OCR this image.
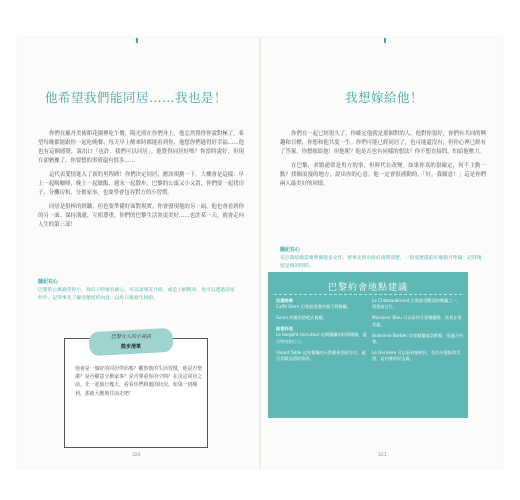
他希望我們能同居……我也是！

你們在羅丹美術館花園裡吃午餐，陽光照在你們身上，他怎然覺得你說對極了，希望每晚都能跟你一起吃晚餐、每天早上醒來時都能看到你，他想你們過得好幸福……他也有這個感覺，說出口「也許，我們可以同居」。他覺得同居好嗎？你當時說好，但現在卻猶豫了。你要想的事情還有很多……

這代表愛情進入了新的里程碑！你們決定同居，應該規劃一下。大概會是這樣：早上一起喝咖啡，晚上一起做飯，週末一起散步。巴黎的公寓又小又貴，你們要一起找房子、分攤房租、分擔家事，也要學會包容對方的小習慣。

同居是很棒的經驗，但也要準備好面對現實。你會發現他的另一面，他也會看到你的另一面。保持溝通、互相尊重，你們的巴黎生活會更美好……也許某一天，就會走向人生的第三部！

隨記在心
巴黎的公寓通常很小，找房子時要有耐心。可以請朋友介紹，或是上網搜尋，也可以透過房屋仲介。記得事先了解清楚租約內容，以免日後發生糾紛。
巴黎女人的小祕訣
散步清單
他會是一個好的同居伴侶嗎？觀察他的生活習慣，他是否整潔？是否願意分擔家事？是否尊重你的空間？在決定同居之前，先一起旅行幾天，看看你們相處的狀況，如果一切順利，那就大膽地往前走吧！
320
我想嫁給他！

你們在一起已經很久了，你確定他就是那個對的人。他對你很好，你們有共同的興趣和目標，你想和他共度一生。你們可能已經同居了，也可能還沒有，但你心裡已經有了答案。你想嫁給他！但他呢？他是否也有同樣的想法？你不想直接問，怕給他壓力。

在巴黎，求婚通常是男方的事，但時代在改變。如果你真的很確定，何不主動一點？找個浪漫的地方，說出你的心意。他一定會很感動的，「好，我願意！」這是你們兩人最美好的回憶。

隨記在心
在巴黎結婚需要準備很多文件，要事先到市政府詢問清楚，一般需要提前好幾個月準備，記得預留足夠的時間。
321
巴黎約會地點建議
浪漫晚餐
Caffé Stern 巴黎最浪漫的義大利餐廳。
Soma 時髦的酒吧式餐廳。
創意料理
Le Sergent recruteur 這間餐廳的料理精緻，適合特別的日子。
Vivant Table 這家餐廳的天然葡萄酒很有名，適合喜歡品酒的情侶。
Le Chateaubriand 巴黎最受歡迎的餐廳之一，需提前訂位。
Monsieur Bleu 可以看到艾菲爾鐵塔，夜景非常美麗。
Brasserie Barbès 這家餐廳氣氛輕鬆，很適合約會。
Le Dernière 可以看到塞納河，有許多甜點和美酒，是約會的好去處。
